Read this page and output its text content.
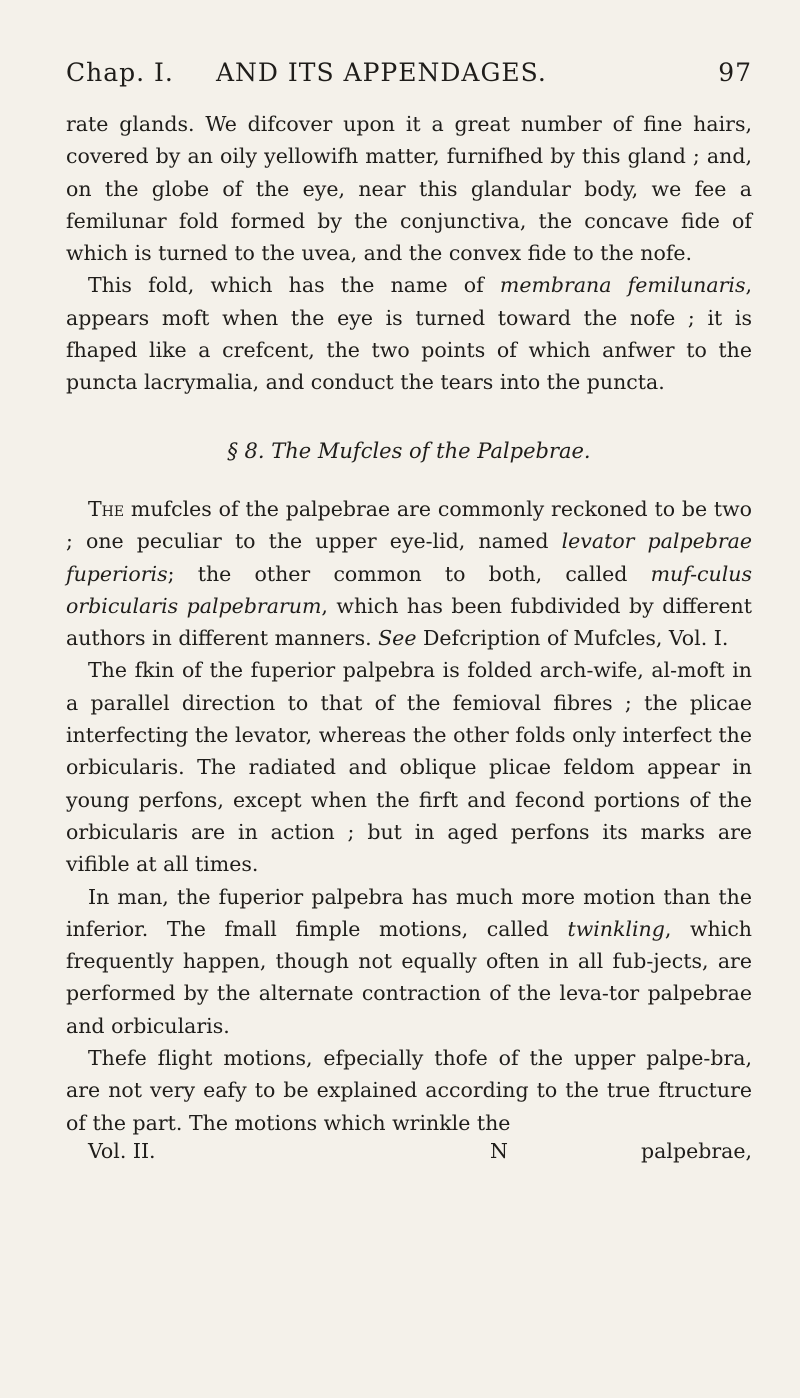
Chap. I. AND ITS APPENDAGES.	97

rate glands. We difcover upon it a great number of fine hairs, covered by an oily yellowifh matter, furnifhed by this gland ; and, on the globe of the eye, near this glandular body, we fee a femilunar fold formed by the conjunctiva, the concave fide of which is turned to the uvea, and the convex fide to the nofe.

This fold, which has the name of membrana femilunaris, appears moft when the eye is turned toward the nofe ; it is fhaped like a crefcent, the two points of which anfwer to the puncta lacrymalia, and conduct the tears into the puncta.

§ 8. The Mufcles of the Palpebrae.

The mufcles of the palpebrae are commonly reckoned to be two ; one peculiar to the upper eye-lid, named levator palpebrae fuperioris; the other common to both, called muf-culus orbicularis palpebrarum, which has been fubdivided by different authors in different manners. See Defcription of Mufcles, Vol. I.

The fkin of the fuperior palpebra is folded arch-wife, al-moft in a parallel direction to that of the femioval fibres ; the plicae interfecting the levator, whereas the other folds only interfect the orbicularis. The radiated and oblique plicae feldom appear in young perfons, except when the firft and fecond portions of the orbicularis are in action ; but in aged perfons its marks are vifible at all times.

In man, the fuperior palpebra has much more motion than the inferior. The fmall fimple motions, called twinkling, which frequently happen, though not equally often in all fub-jects, are performed by the alternate contraction of the leva-tor palpebrae and orbicularis.

Thefe flight motions, efpecially thofe of the upper palpe-bra, are not very eafy to be explained according to the true ftructure of the part. The motions which wrinkle the

Vol. II.	N	palpebrae,
